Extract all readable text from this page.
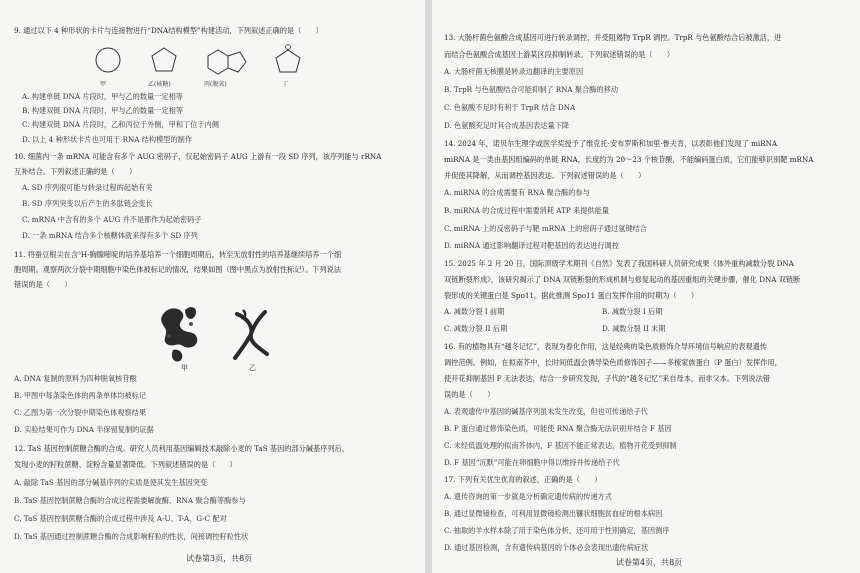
9. 通过以下 4 种形状的卡片与连接物进行“DNA结构模型”构建活动，下列叙述正确的是（　　）
甲	乙(核糖)	丙(脱氧)	丁
A. 构建单链 DNA 片段时，甲与乙的数量一定相等
B. 构建双链 DNA 片段时，甲与乙的数量一定相等
C. 构建双链 DNA 片段时，乙和丙位于外侧，甲和丁位于内侧
D. 以上 4 种形状卡片也可用于 RNA 结构模型的制作
10. 细菌内一条 mRNA 可能含有多个 AUG 密码子，仅起始密码子 AUG 上游有一段 SD 序列，该序列能与 rRNA
互补结合。下列叙述正确的是（　　）
A. SD 序列很可能与转录过程的起始有关
B. SD 序列突变以后产生的多肽链会变长
C. mRNA 中含有的多个 AUG 并不是都作为起始密码子
D. 一条 mRNA 结合多个核糖体就来得有多个 SD 序列
11. 将蚕豆根尖在含³H-胸腺嘧啶的培养基培养一个细胞周期后，转至无放射性的培养基继续培养一个细
胞周期。观察两次分裂中期细胞中染色体被标记的情况，结果如图（图中黑点为放射性标记）。下列说法
错误的是（　　）
甲	乙
A. DNA 复制的原料为四种脱氧核苷酸
B. 甲图中每条染色体的两条单体均被标记
C. 乙图为第一次分裂中期染色体观察结果
D. 实验结果可作为 DNA 半保留复制的证据
12. TaS 基因控制蔗糖合酶的合成。研究人员利用基因编辑技术敲除小麦的 TaS 基因的部分碱基序列后，
发现小麦的籽粒蔗糖、淀粉含量显著降低。下列叙述错误的是（　　）
A. 敲除 TaS 基因的部分碱基序列的实质是使其发生基因突变
B. TaS 基因控制蔗糖合酶的合成过程需要解旋酶、RNA 聚合酶等酶参与
C. TaS 基因控制蔗糖合酶的合成过程中涉及 A-U、T-A、G-C 配对
D. TaS 基因通过控制蔗糖合酶的合成影响籽粒的性状，间接调控籽粒性状
试卷第3页，共8页
13. 大肠杆菌色氨酸合成基因可进行转录调控，并受阻遏物 TrpR 调控。TrpR 与色氨酸结合后被激活，进
而结合色氨酸合成基因上游某区段抑制转录。下列叙述错误的是（　　）
A. 大肠杆菌无核膜是转录边翻译的主要原因
B. TrpR 与色氨酸结合可能抑制了 RNA 聚合酶的移动
C. 色氨酸不足时有利于 TrpR 结合 DNA
D. 色氨酸充足时其合成基因表达量下降
14. 2024 年，诺贝尔生理学或医学奖授予了维克托·安布罗斯和加里·鲁夫肯，以表彰他们发现了 miRNA
miRNA 是一类由基因组编码的单链 RNA，长度约为 20～23 个核苷酸，不能编码蛋白质，它们能够识别靶 mRNA
并促使其降解，从而调控基因表达。下列叙述错误的是（　　）
A. miRNA 的合成需要有 RNA 聚合酶的参与
B. miRNA 的合成过程中需要消耗 ATP 来提供能量
C. miRNA 上的反密码子与靶 mRNA 上的密码子通过氢键结合
D. miRNA 通过影响翻译过程对靶基因的表达进行调控
15. 2025 年 2 月 20 日，国际顶级学术期刊《自然》发表了我国科研人员研究成果《体外重构减数分裂 DNA
双链断裂形成》，该研究揭示了 DNA 双链断裂的形成机制与修复起动的基因重组的关键步骤，催化 DNA 双链断
裂形成的关键蛋白是 Spo11。据此推测 Spo11 蛋白发挥作用的时期为（　　）
A. 减数分裂 I 前期	B. 减数分裂 I 后期
C. 减数分裂 II 后期	D. 减数分裂 II 末期
16. 有的植物具有“越冬记忆”，表现为春化作用，这是经典的染色质修饰介导环境信号响应的表观遗传
调控范例。例如，在拟南芥中，长时间低温会诱导染色质修饰因子——多梳家族蛋白（P 蛋白）发挥作用，
使开花抑制基因 F 无法表达，结合一步研究发现，子代的“越冬记忆”来自母本，而非父本。下列说法错
误的是（　　）
A. 表观遗传中基因的碱基序列虽未发生改变，但也可传递给子代
B. P 蛋白通过修饰染色质，可能使 RNA 聚合酶无法识别并结合 F 基因
C. 未经低温处理的拟南芥体内，F 基因不能正常表达，植物开花受到抑制
D. F 基因“沉默”可能在卵细胞中得以维持并传递给子代
17. 下列有关优生优育的叙述，正确的是（　　）
A. 遗传咨询的第一步就是分析确定遗传病的传递方式
B. 通过显微镜检查，可利用显微镜检测出镰状细胞贫血症的根本病因
C. 抽取的羊水样本除了用于染色体分析，还可用于性别确定，基因测序
D. 通过基因检测，含有遗传病基因的个体必会表现出遗传病症状
试卷第4页，共8页
